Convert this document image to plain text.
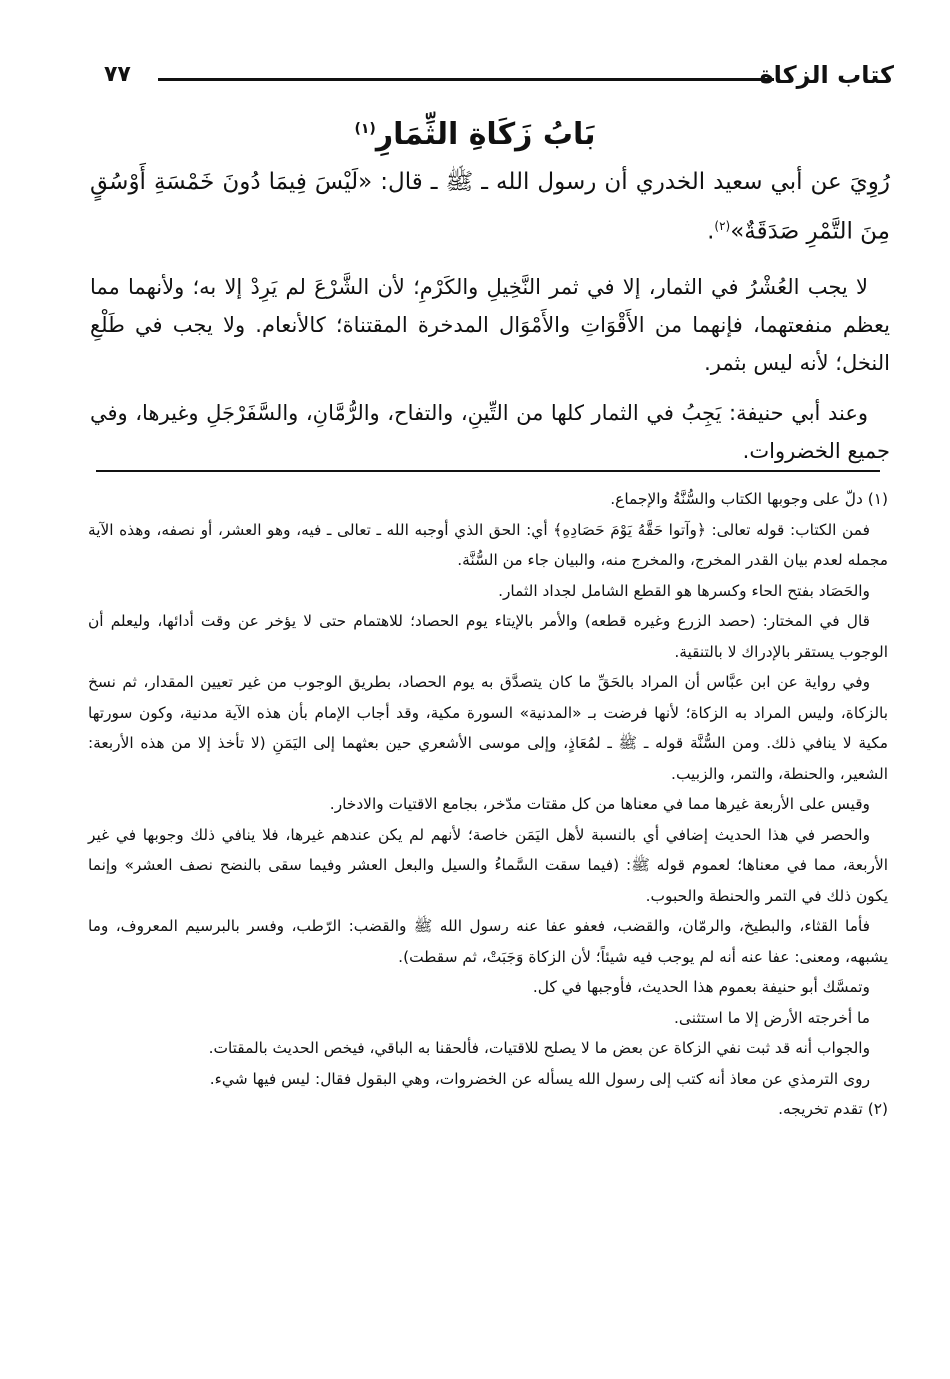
كتاب الزكاة
٧٧
بَابُ زَكَاةِ الثِّمَارِ$^{(١)}$

رُوِيَ عن أبي سعيد الخدري أن رسول الله ـ ﷺ ـ قال: «لَيْسَ فِيمَا دُونَ خَمْسَةِ أَوْسُقٍ مِنَ التَّمْرِ صَدَقَةٌ»$^{(٢)}$.

لا يجب العُشْرُ في الثمار، إلا في ثمر النَّخِيلِ والكَرْمِ؛ لأن الشَّرْعَ لم يَرِدْ إلا به؛ ولأنهما مما يعظم منفعتهما، فإنهما من الأَقْوَاتِ والأَمْوَال المدخرة المقتناة؛ كالأنعام. ولا يجب في طَلْعِ النخل؛ لأنه ليس بثمر.

وعند أبي حنيفة: يَجِبُ في الثمار كلها من التِّينِ، والتفاح، والرُّمَّانِ، والسَّفَرْجَلِ وغيرها، وفي جميع الخضروات.

(١) دلّ على وجوبها الكتاب والسُّنَّةُ والإجماع.

فمن الكتاب: قوله تعالى: ﴿وآتوا حَقَّهُ يَوْمَ حَصَادِهِ﴾ أي: الحق الذي أوجبه الله ـ تعالى ـ فيه، وهو العشر، أو نصفه، وهذه الآية مجمله لعدم بيان القدر المخرج، والمخرج منه، والبيان جاء من السُّنَّة.

والحَصَاد بفتح الحاء وكسرها هو القطع الشامل لجداد الثمار.

قال في المختار: (حصد الزرع وغيره قطعه) والأمر بالإيتاء يوم الحصاد؛ للاهتمام حتى لا يؤخر عن وقت أدائها، وليعلم أن الوجوب يستقر بالإدراك لا بالتنقية.

وفي رواية عن ابن عبَّاس أن المراد بالحَقِّ ما كان يتصدَّق به يوم الحصاد، بطريق الوجوب من غير تعيين المقدار، ثم نسخ بالزكاة، وليس المراد به الزكاة؛ لأنها فرضت بـ «المدنية» السورة مكية، وقد أجاب الإمام بأن هذه الآية مدنية، وكون سورتها مكية لا ينافي ذلك. ومن السُّنَّة قوله ـ ﷺ ـ لمُعَاذٍ، وإلى موسى الأشعري حين بعثهما إلى اليَمَنِ (لا تأخذ إلا من هذه الأربعة: الشعير، والحنطة، والتمر، والزبيب.

وقيس على الأربعة غيرها مما في معناها من كل مقتات مدّخر، بجامع الاقتيات والادخار.

والحصر في هذا الحديث إضافي أي بالنسبة لأهل اليَمَن خاصة؛ لأنهم لم يكن عندهم غيرها، فلا ينافي ذلك وجوبها في غير الأربعة، مما في معناها؛ لعموم قوله ﷺ: (فيما سقت السَّماءُ والسيل والبعل العشر وفيما سقى بالنضح نصف العشر» وإنما يكون ذلك في التمر والحنطة والحبوب.

فأما القثاء، والبطيخ، والرمّان، والقضب، فعفو عفا عنه رسول الله ﷺ والقضب: الرّطب، وفسر بالبرسيم المعروف، وما يشبهه، ومعنى: عفا عنه أنه لم يوجب فيه شيئاً؛ لأن الزكاة وَجَبَتْ، ثم سقطت).

وتمسَّك أبو حنيفة بعموم هذا الحديث، فأوجبها في كل.

ما أخرجته الأرض إلا ما استثنى.

والجواب أنه قد ثبت نفي الزكاة عن بعض ما لا يصلح للاقتيات، فألحقنا به الباقي، فيخص الحديث بالمقتات.

روى الترمذي عن معاذ أنه كتب إلى رسول الله يسأله عن الخضروات، وهي البقول فقال: ليس فيها شيء.

(٢) تقدم تخريجه.
